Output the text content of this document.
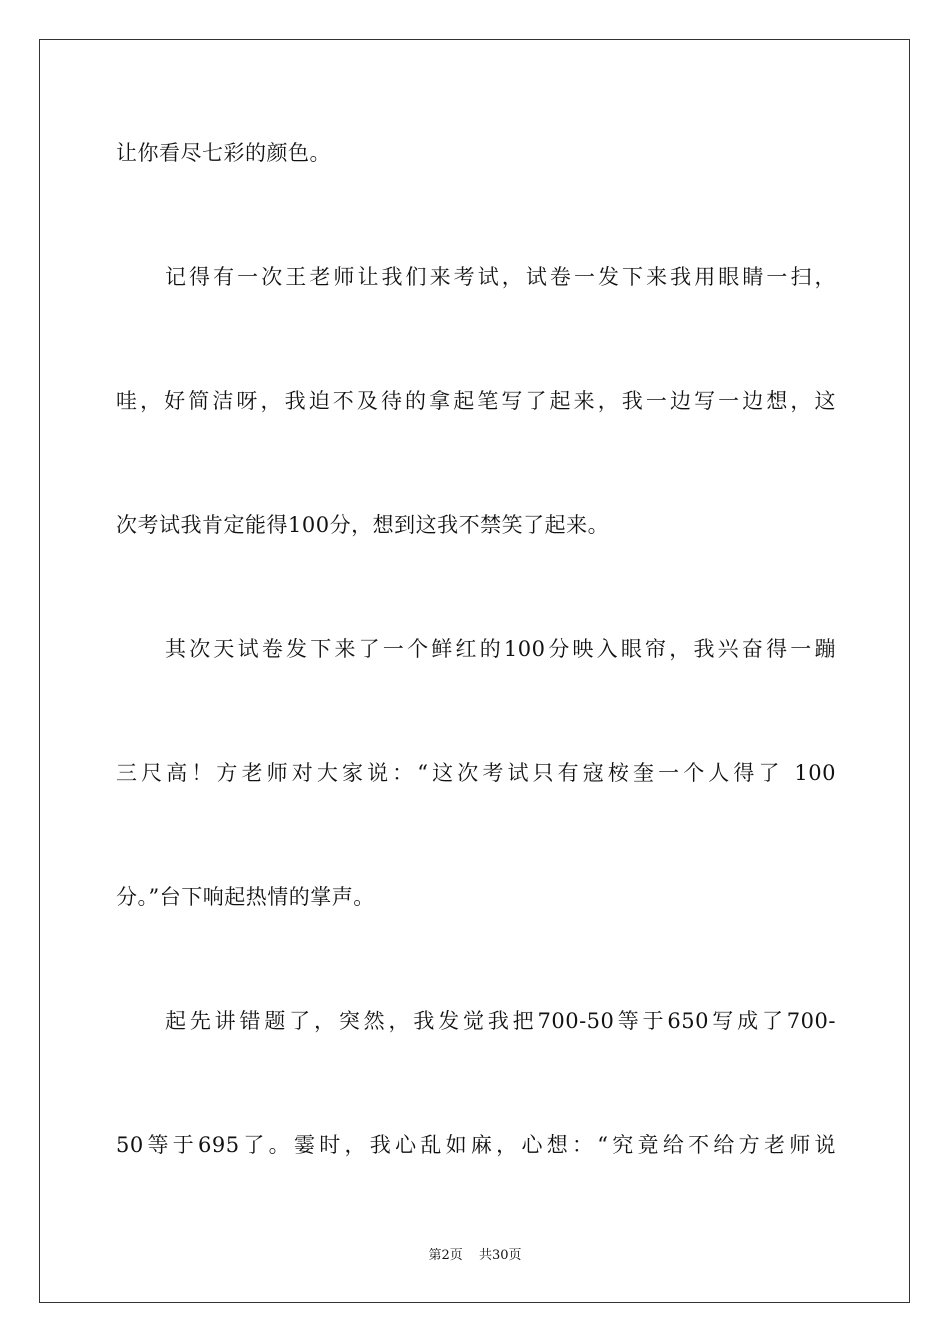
让你看尽七彩的颜色。
记得有一次王老师让我们来考试，试卷一发下来我用眼睛一扫，
哇，好简洁呀，我迫不及待的拿起笔写了起来，我一边写一边想，这
次考试我肯定能得100分，想到这我不禁笑了起来。
其次天试卷发下来了一个鲜红的100分映入眼帘，我兴奋得一蹦
三尺高！方老师对大家说：“这次考试只有寇桉奎一个人得了 100
分。”台下响起热情的掌声。
起先讲错题了，突然，我发觉我把700-50等于650写成了700-
50等于695了。霎时，我心乱如麻，心想：“究竟给不给方老师说
第2页 共30页
